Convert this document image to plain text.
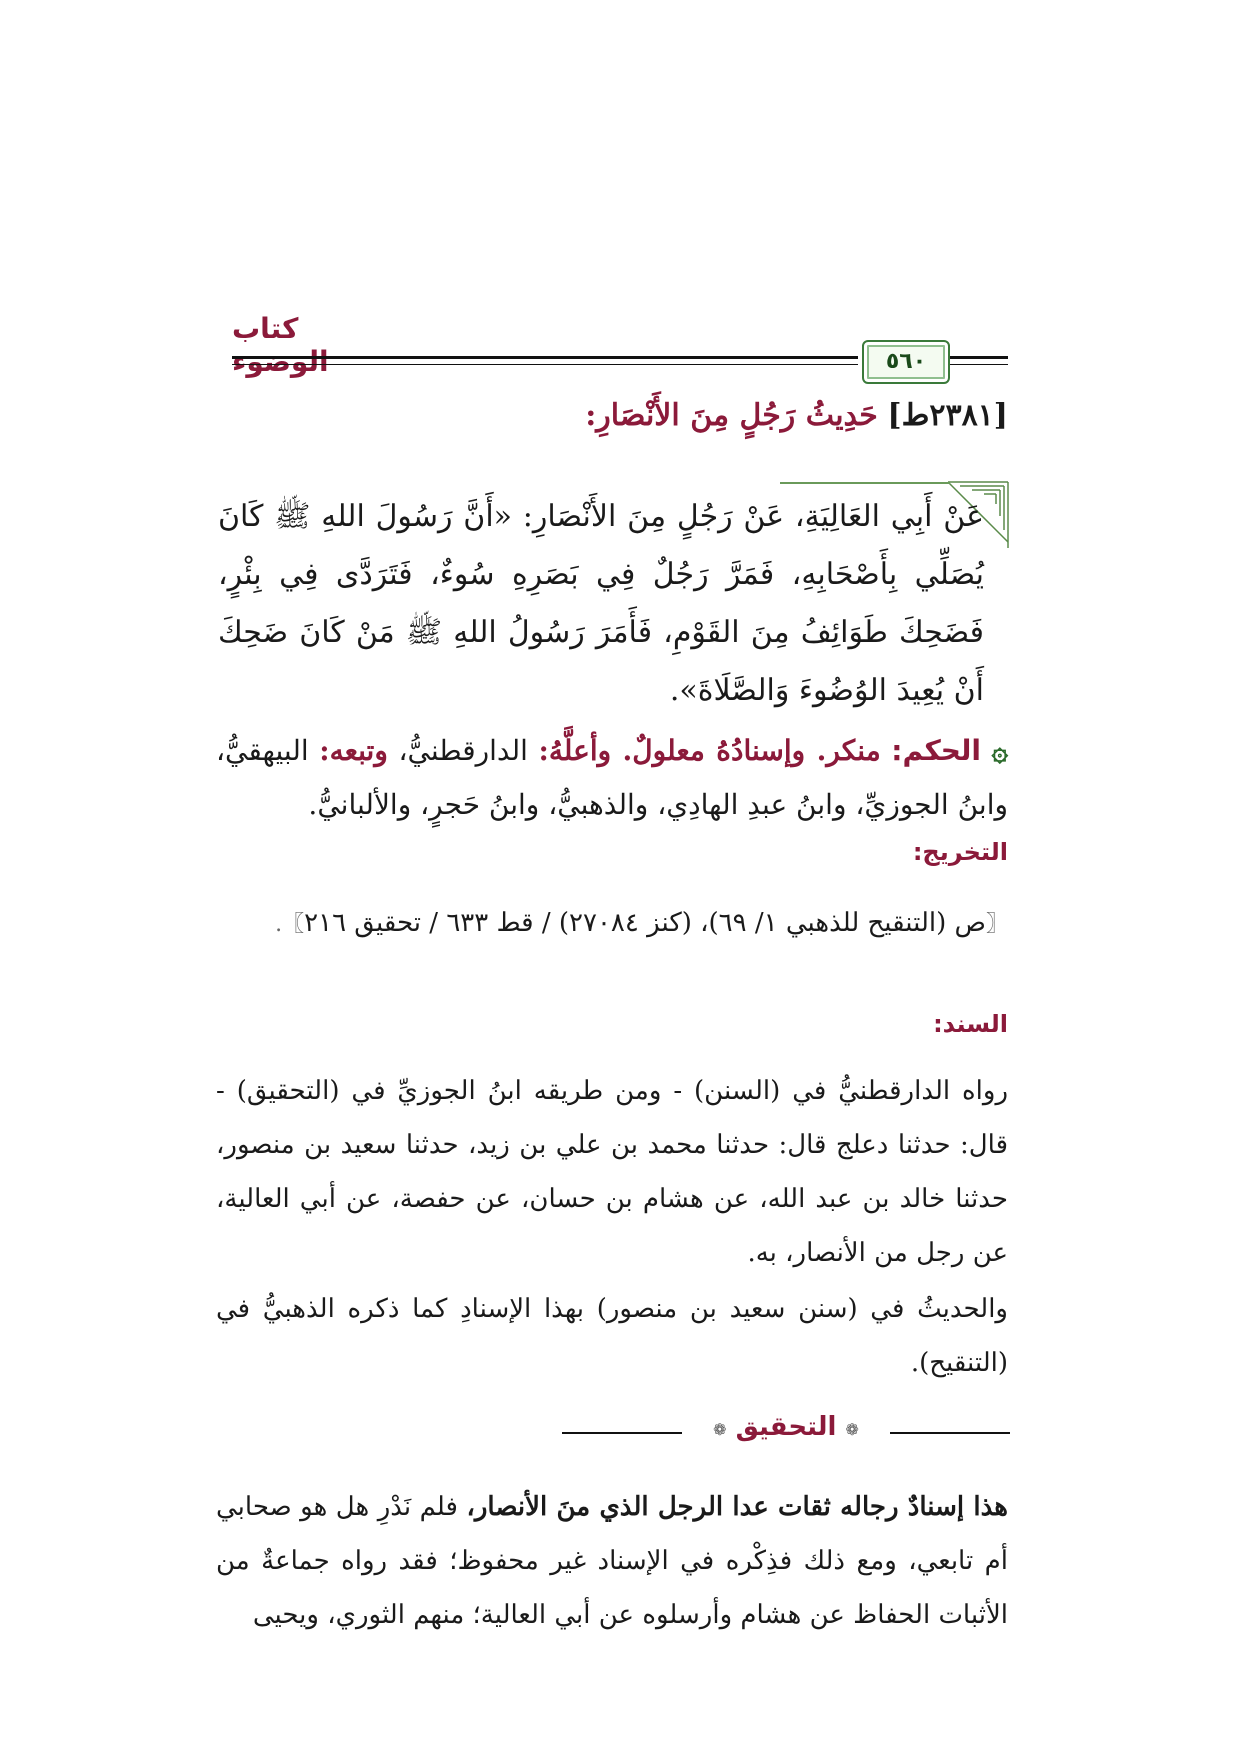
كتاب الوضوء	٥٦٠
[٢٣٨١ط] حَدِيثُ رَجُلٍ مِنَ الأَنْصَارِ:
عَنْ أَبِي العَالِيَةِ، عَنْ رَجُلٍ مِنَ الأَنْصَارِ: «أَنَّ رَسُولَ اللهِ ﷺ كَانَ يُصَلِّي بِأَصْحَابِهِ، فَمَرَّ رَجُلٌ فِي بَصَرِهِ سُوءٌ، فَتَرَدَّى فِي بِئْرٍ، فَضَحِكَ طَوَائِفُ مِنَ القَوْمِ، فَأَمَرَ رَسُولُ اللهِ ﷺ مَنْ كَانَ ضَحِكَ أَنْ يُعِيدَ الوُضُوءَ وَالصَّلَاةَ».
۞ الحكم: منكر. وإسنادُهُ معلولٌ. وأعلَّهُ: الدارقطنيُّ، وتبعه: البيهقيُّ، وابنُ الجوزيِّ، وابنُ عبدِ الهادِي، والذهبيُّ، وابنُ حَجرٍ، والألبانيُّ.
التخريج:
〖ص (التنقيح للذهبي ١/ ٦٩)، (كنز ٢٧٠٨٤) / قط ٦٣٣ / تحقيق ٢١٦〗.
السند:
رواه الدارقطنيُّ في (السنن) - ومن طريقه ابنُ الجوزيِّ في (التحقيق) - قال: حدثنا دعلج قال: حدثنا محمد بن علي بن زيد، حدثنا سعيد بن منصور، حدثنا خالد بن عبد الله، عن هشام بن حسان، عن حفصة، عن أبي العالية، عن رجل من الأنصار، به.
والحديثُ في (سنن سعيد بن منصور) بهذا الإسنادِ كما ذكره الذهبيُّ في (التنقيح).
❁ التحقيق ❁
هذا إسنادٌ رجاله ثقات عدا الرجل الذي منَ الأنصار، فلم نَدْرِ هل هو صحابي أم تابعي، ومع ذلك فذِكْره في الإسناد غير محفوظ؛ فقد رواه جماعةٌ من الأثبات الحفاظ عن هشام وأرسلوه عن أبي العالية؛ منهم الثوري، ويحيى
